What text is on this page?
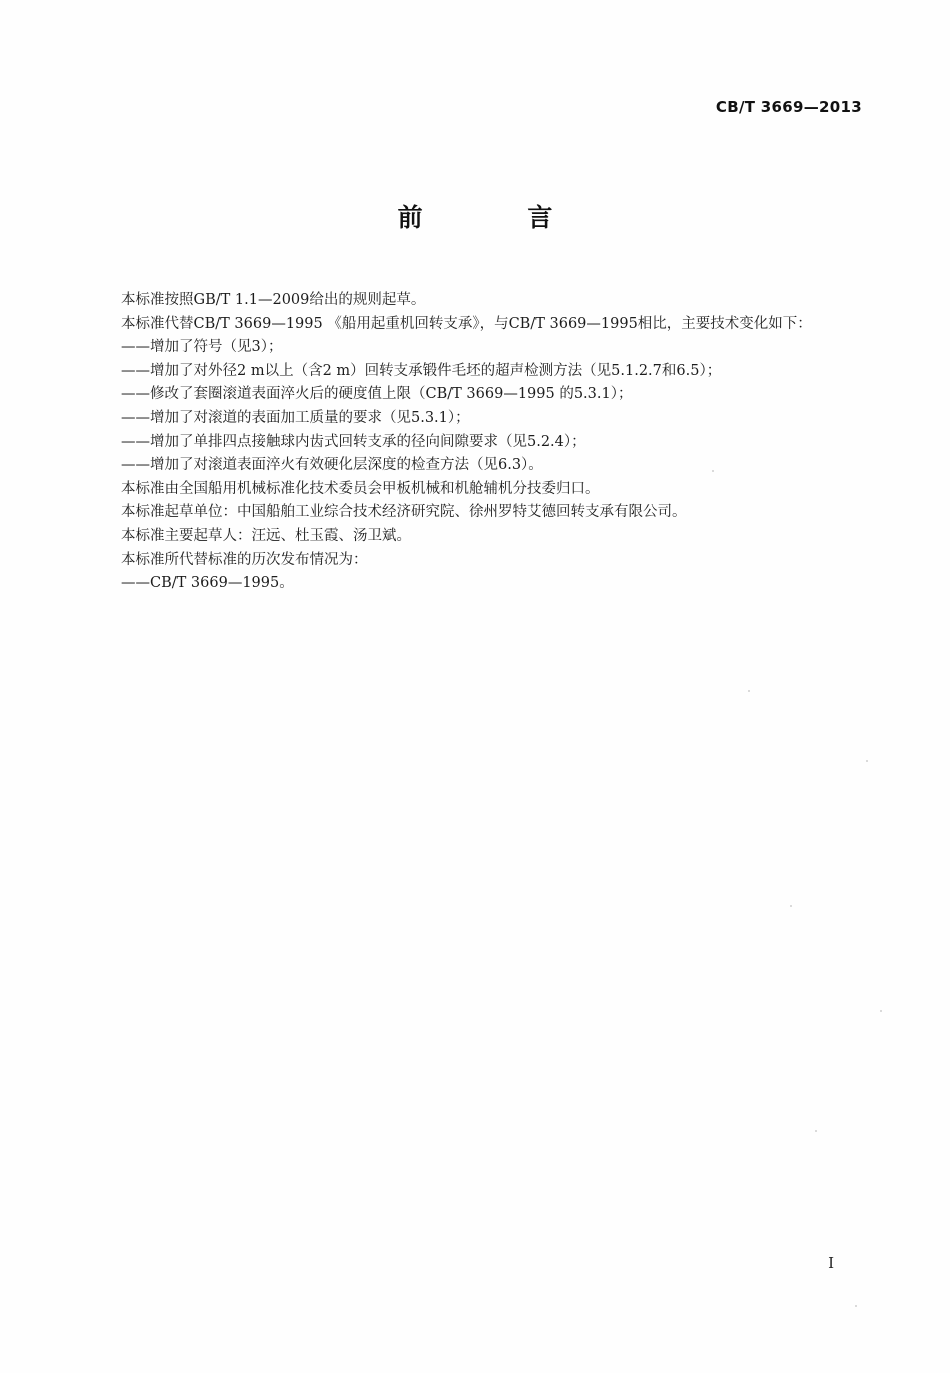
CB/T 3669—2013
前 言

本标准按照GB/T 1.1—2009给出的规则起草。

本标准代替CB/T 3669—1995 《船用起重机回转支承》，与CB/T 3669—1995相比，主要技术变化如下：

——增加了符号（见3）；

——增加了对外径2 m以上（含2 m）回转支承锻件毛坯的超声检测方法（见5.1.2.7和6.5）；

——修改了套圈滚道表面淬火后的硬度值上限（CB/T 3669—1995 的5.3.1）；

——增加了对滚道的表面加工质量的要求（见5.3.1）；

——增加了单排四点接触球内齿式回转支承的径向间隙要求（见5.2.4）；

——增加了对滚道表面淬火有效硬化层深度的检查方法（见6.3）。

本标准由全国船用机械标准化技术委员会甲板机械和机舱辅机分技委归口。

本标准起草单位：中国船舶工业综合技术经济研究院、徐州罗特艾德回转支承有限公司。

本标准主要起草人：汪远、杜玉霞、汤卫斌。

本标准所代替标准的历次发布情况为：

——CB/T 3669—1995。

I
